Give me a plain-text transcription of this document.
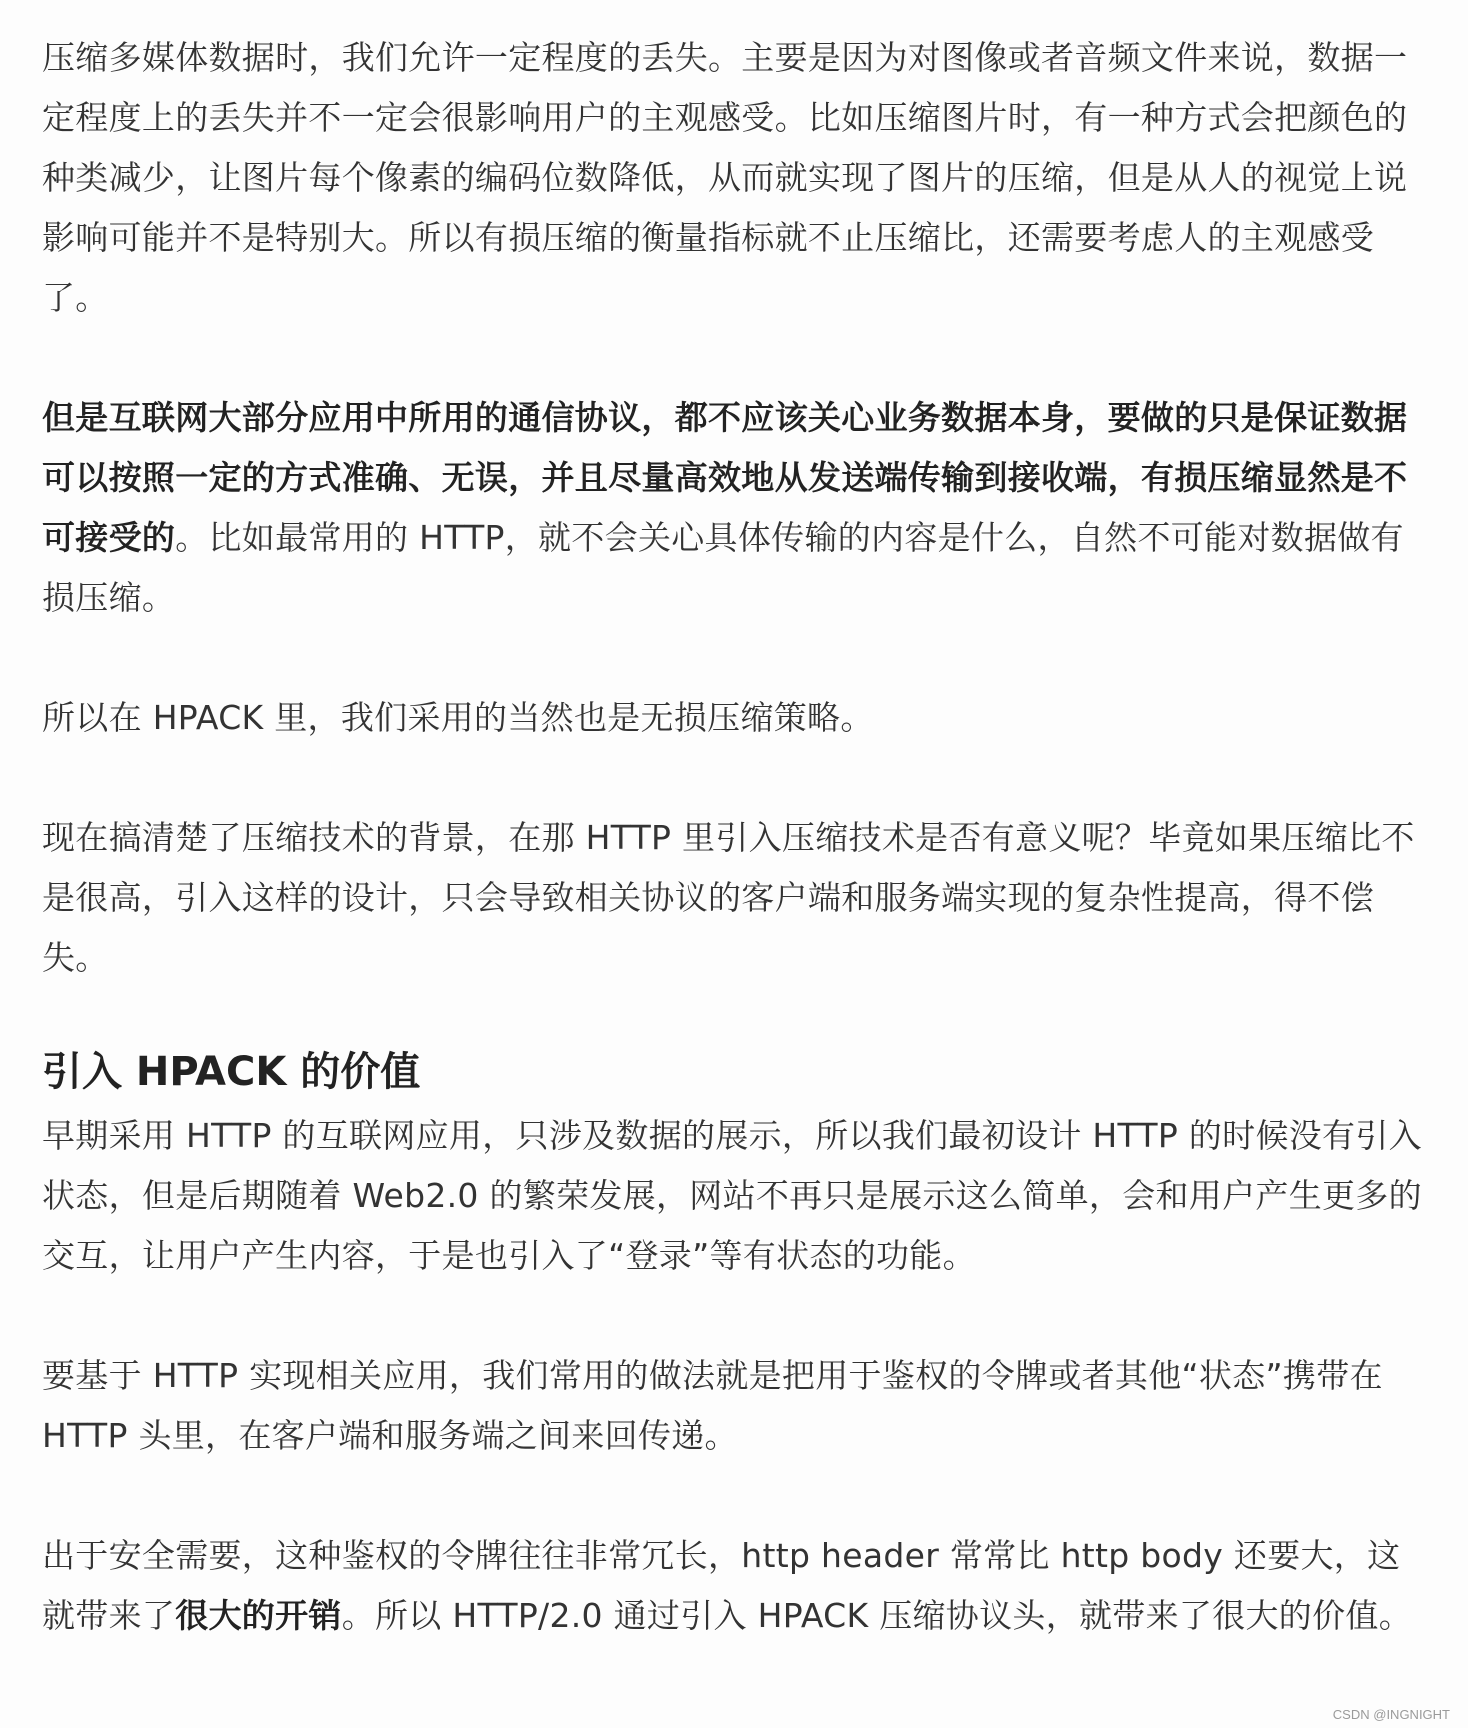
压缩多媒体数据时，我们允许一定程度的丢失。主要是因为对图像或者音频文件来说，数据一定程度上的丢失并不一定会很影响用户的主观感受。比如压缩图片时，有一种方式会把颜色的种类减少，让图片每个像素的编码位数降低，从而就实现了图片的压缩，但是从人的视觉上说影响可能并不是特别大。所以有损压缩的衡量指标就不止压缩比，还需要考虑人的主观感受了。

但是互联网大部分应用中所用的通信协议，都不应该关心业务数据本身，要做的只是保证数据可以按照一定的方式准确、无误，并且尽量高效地从发送端传输到接收端，有损压缩显然是不可接受的。比如最常用的 HTTP，就不会关心具体传输的内容是什么，自然不可能对数据做有损压缩。

所以在 HPACK 里，我们采用的当然也是无损压缩策略。

现在搞清楚了压缩技术的背景，在那 HTTP 里引入压缩技术是否有意义呢？毕竟如果压缩比不是很高，引入这样的设计，只会导致相关协议的客户端和服务端实现的复杂性提高，得不偿失。

引入 HPACK 的价值

早期采用 HTTP 的互联网应用，只涉及数据的展示，所以我们最初设计 HTTP 的时候没有引入状态，但是后期随着 Web2.0 的繁荣发展，网站不再只是展示这么简单，会和用户产生更多的交互，让用户产生内容，于是也引入了“登录”等有状态的功能。

要基于 HTTP 实现相关应用，我们常用的做法就是把用于鉴权的令牌或者其他“状态”携带在 HTTP 头里，在客户端和服务端之间来回传递。

出于安全需要，这种鉴权的令牌往往非常冗长，http header 常常比 http body 还要大，这就带来了很大的开销。所以 HTTP/2.0 通过引入 HPACK 压缩协议头，就带来了很大的价值。

CSDN @INGNIGHT
